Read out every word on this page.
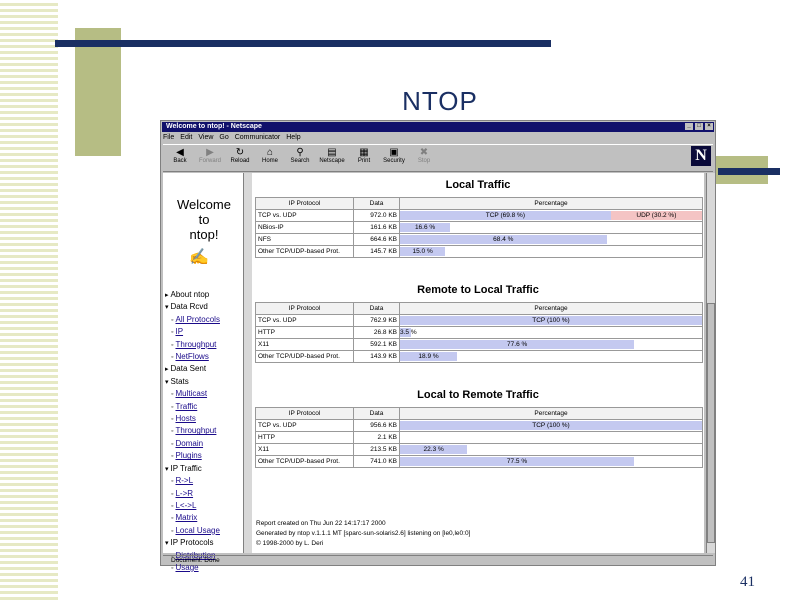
NTOP
41
Welcome to ntop! - Netscape	_	□	×
File Edit View Go Communicator Help
◀
Back
▶
Forward
↻
Reload
⌂
Home
⚲
Search
▤
Netscape
▦
Print
▣
Security
✖
Stop	N
Welcome
to
ntop!
✍
▸ About ntop
▾ Data Rcvd
◦ All Protocols
◦ IP
◦ Throughput
◦ NetFlows
▸ Data Sent
▾ Stats
◦ Multicast
◦ Traffic
◦ Hosts
◦ Throughput
◦ Domain
◦ Plugins
▾ IP Traffic
◦ R->L
◦ L->R
◦ L<->L
◦ Matrix
◦ Local Usage
▾ IP Protocols
◦ Distribution
◦ Usage
Report created on Thu Jun 22 14:17:17 2000
Generated by ntop v.1.1.1 MT [sparc-sun-solaris2.6] listening on [le0,le0:0]
© 1998-2000 by L. Deri
Local Traffic
IP Protocol	Data	Percentage
TCP vs. UDP	972.0 KB	TCP (69.8 %) UDP (30.2 %)

NBios-IP	161.6 KB	16.6 %

NFS	664.6 KB	68.4 %

Other TCP/UDP-based Prot.	145.7 KB	15.0 %
Remote to Local Traffic
IP Protocol	Data	Percentage
TCP vs. UDP	762.9 KB	TCP (100 %)

HTTP	26.8 KB	3.5 %

X11	592.1 KB	77.6 %

Other TCP/UDP-based Prot.	143.9 KB	18.9 %
Local to Remote Traffic
IP Protocol	Data	Percentage
TCP vs. UDP	956.6 KB	TCP (100 %)

HTTP	2.1 KB	
X11	213.5 KB	22.3 %

Other TCP/UDP-based Prot.	741.0 KB	77.5 %
Document: Done
